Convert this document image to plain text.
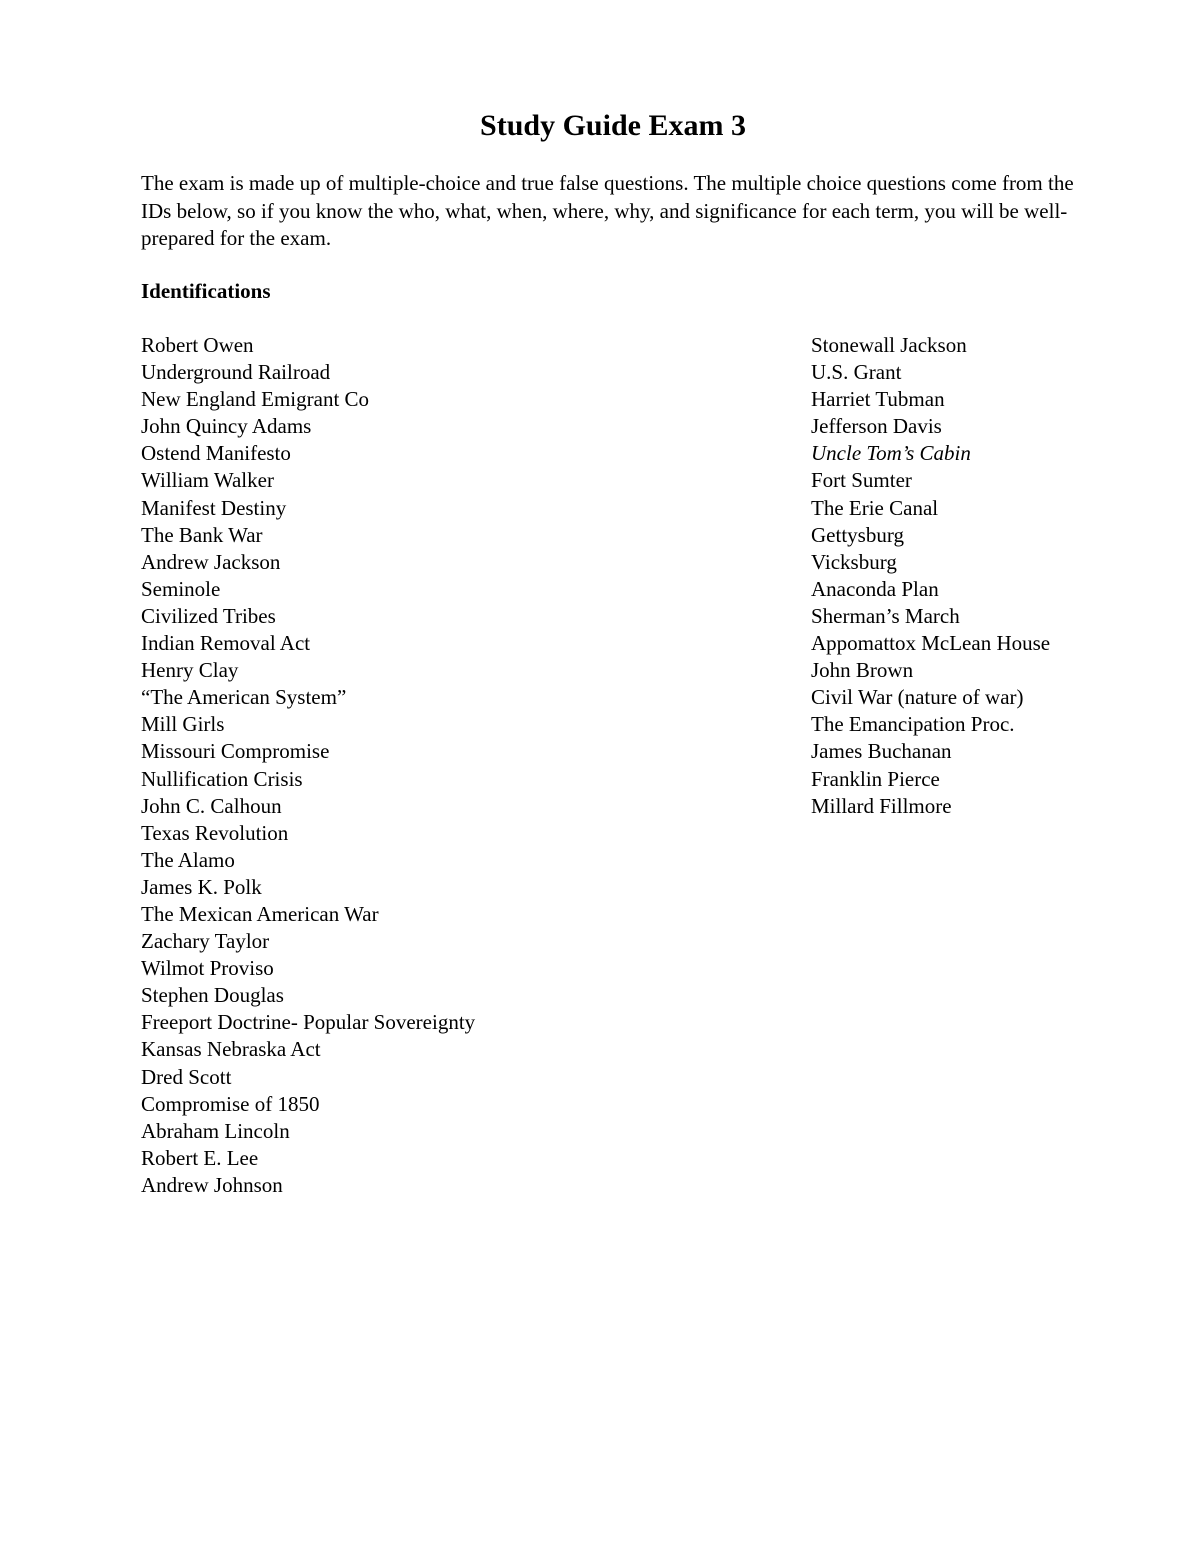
Study Guide Exam 3

The exam is made up of multiple-choice and true false questions. The multiple choice questions come from the IDs below, so if you know the who, what, when, where, why, and significance for each term, you will be well-prepared for the exam.

Identifications
Robert Owen
Underground Railroad
New England Emigrant Co
John Quincy Adams
Ostend Manifesto
William Walker
Manifest Destiny
The Bank War
Andrew Jackson
Seminole
Civilized Tribes
Indian Removal Act
Henry Clay
“The American System”
Mill Girls
Missouri Compromise
Nullification Crisis
John C. Calhoun
Texas Revolution
The Alamo
James K. Polk
The Mexican American War
Zachary Taylor
Wilmot Proviso
Stephen Douglas
Freeport Doctrine- Popular Sovereignty
Kansas Nebraska Act
Dred Scott
Compromise of 1850
Abraham Lincoln
Robert E. Lee
Andrew Johnson
Stonewall Jackson
U.S. Grant
Harriet Tubman
Jefferson Davis
Uncle Tom’s Cabin
Fort Sumter
The Erie Canal
Gettysburg
Vicksburg
Anaconda Plan
Sherman’s March
Appomattox McLean House
John Brown
Civil War (nature of war)
The Emancipation Proc.
James Buchanan
Franklin Pierce
Millard Fillmore
